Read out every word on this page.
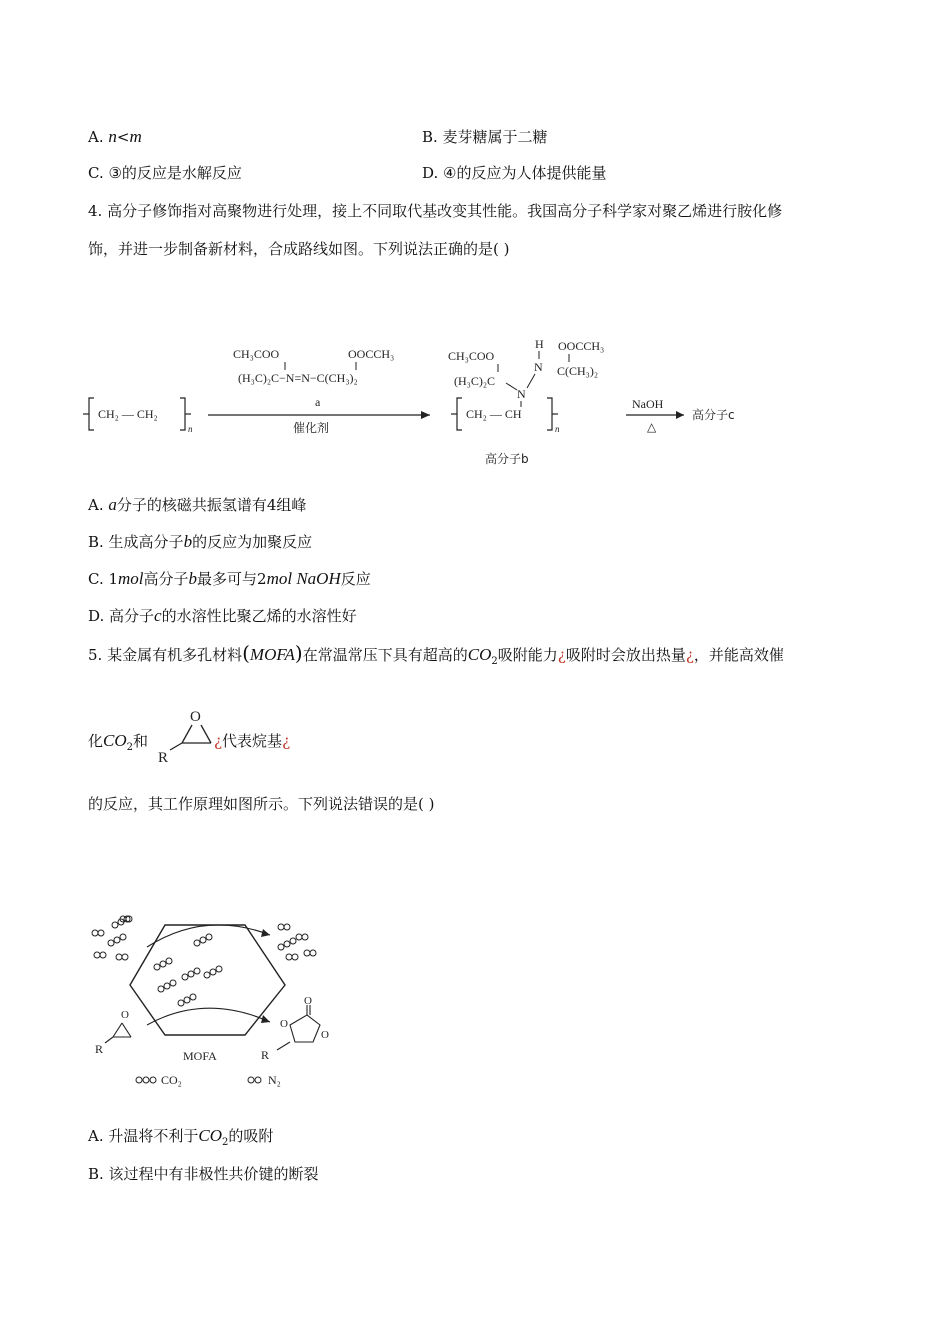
A. n<m	B. 麦芽糖属于二糖
C. ③的反应是水解反应	D. ④的反应为人体提供能量
4. 高分子修饰指对高聚物进行处理，接上不同取代基改变其性能。我国高分子科学家对聚乙烯进行胺化修
饰，并进一步制备新材料，合成路线如图。下列说法正确的是( )
CH₂ — CH₂
n
CH₃COO	OOCCH₃
(H₃C)₂C−N=N−C(CH₃)₂
a
催化剂
CH₃COO
H OOCCH₃
N C(CH₃)₂
(H₃C)₂C
N
CH₂ — CH
n
高分子b
NaOH
△
高分子c
A. a分子的核磁共振氢谱有4组峰
B. 生成高分子b的反应为加聚反应
C. 1mol高分子b最多可与2mol NaOH反应
D. 高分子c的水溶性比聚乙烯的水溶性好
5. 某金属有机多孔材料(MOFA)在常温常压下具有超高的$CO_2$吸附能力¿吸附时会放出热量¿，并能高效催
化$CO_2$和
O
R
¿代表烷基¿
的反应，其工作原理如图所示。下列说法错误的是( )
O
R	MOFA
O
O
O
R
CO₂	N₂
A. 升温将不利于$CO_2$的吸附
B. 该过程中有非极性共价键的断裂
